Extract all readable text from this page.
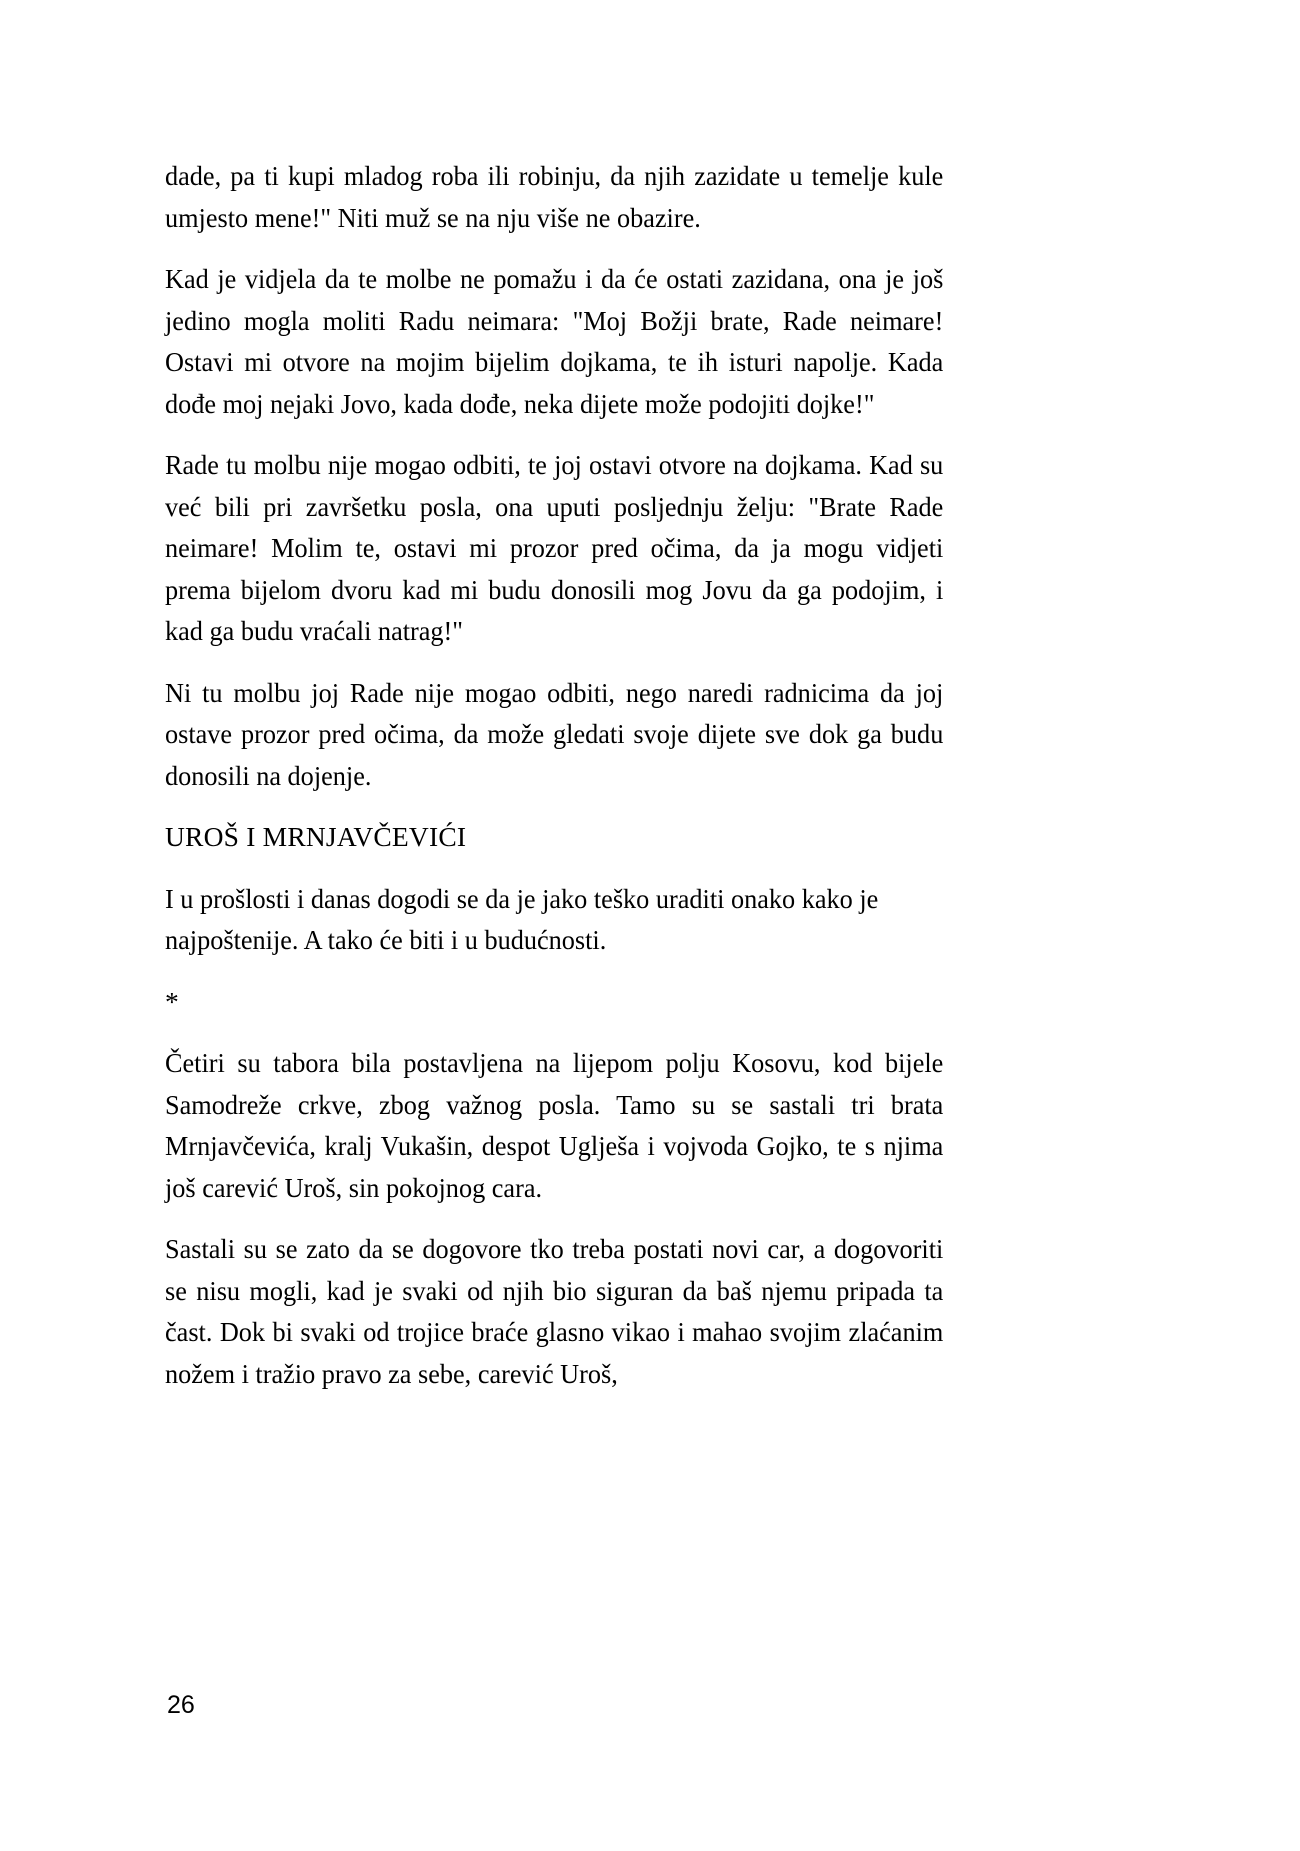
dade, pa ti kupi mladog roba ili robinju, da njih zazidate u temelje kule umjesto mene!" Niti muž se na nju više ne obazire.

Kad je vidjela da te molbe ne pomažu i da će ostati zazidana, ona je još jedino mogla moliti Radu neimara: "Moj Božji brate, Rade neimare! Ostavi mi otvore na mojim bijelim dojkama, te ih isturi napolje. Kada dođe moj nejaki Jovo, kada dođe, neka dijete može podojiti dojke!"

Rade tu molbu nije mogao odbiti, te joj ostavi otvore na dojkama. Kad su već bili pri završetku posla, ona uputi posljednju želju: "Brate Rade neimare! Molim te, ostavi mi prozor pred očima, da ja mogu vidjeti prema bijelom dvoru kad mi budu donosili mog Jovu da ga podojim, i kad ga budu vraćali natrag!"

Ni tu molbu joj Rade nije mogao odbiti, nego naredi radnicima da joj ostave prozor pred očima, da može gledati svoje dijete sve dok ga budu donosili na dojenje.

UROŠ I MRNJAVČEVIĆI

I u prošlosti i danas dogodi se da je jako teško uraditi onako kako je najpoštenije. A tako će biti i u budućnosti.

*

Četiri su tabora bila postavljena na lijepom polju Kosovu, kod bijele Samodreže crkve, zbog važnog posla. Tamo su se sastali tri brata Mrnjavčevića, kralj Vukašin, despot Uglješa i vojvoda Gojko, te s njima još carević Uroš, sin pokojnog cara.

Sastali su se zato da se dogovore tko treba postati novi car, a dogovoriti se nisu mogli, kad je svaki od njih bio siguran da baš njemu pripada ta čast. Dok bi svaki od trojice braće glasno vikao i mahao svojim zlaćanim nožem i tražio pravo za sebe, carević Uroš,

26
